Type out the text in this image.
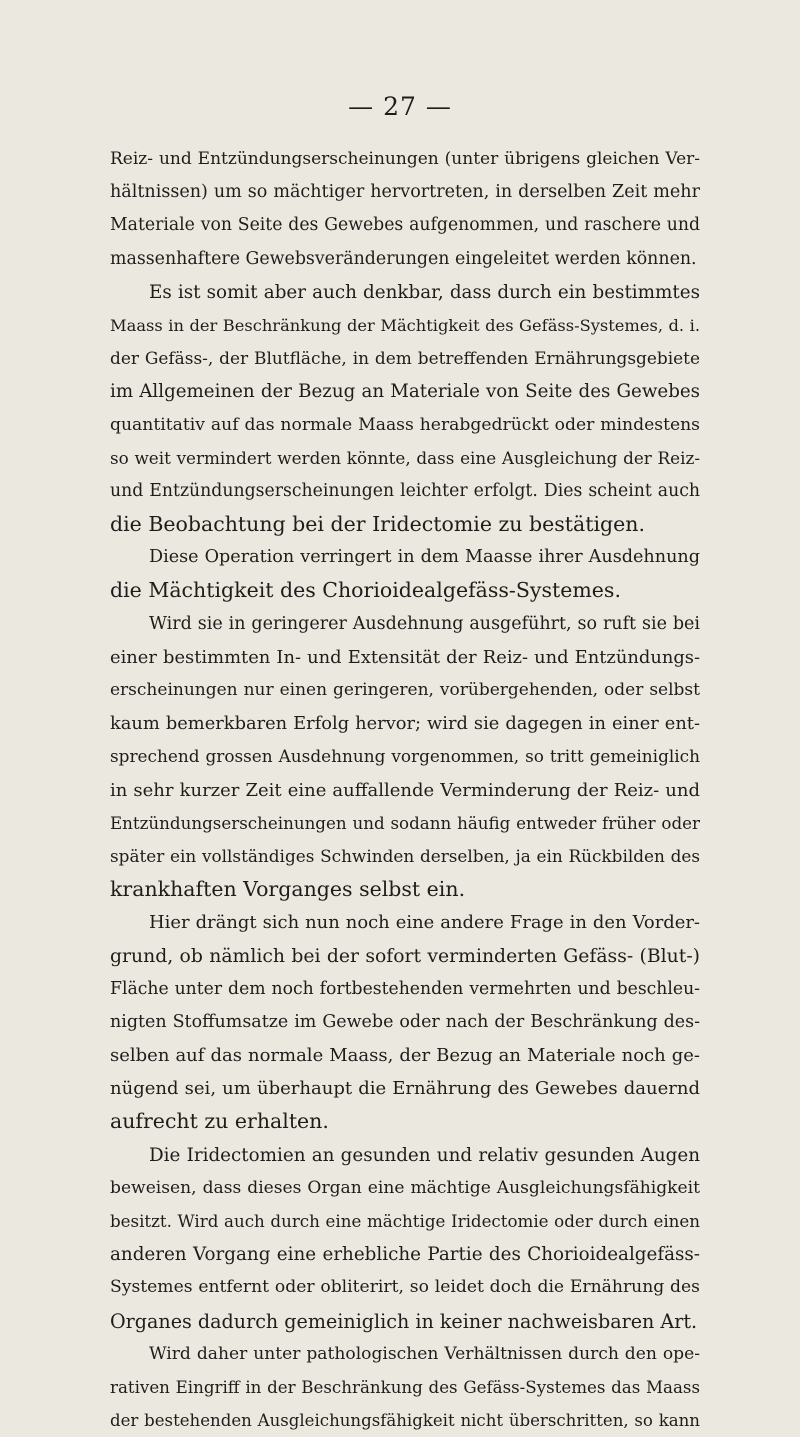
— 27 —
Reiz- und Entzündungserscheinungen (unter übrigens gleichen Ver-
hältnissen) um so mächtiger hervortreten, in derselben Zeit mehr
Materiale von Seite des Gewebes aufgenommen, und raschere und
massenhaftere Gewebsveränderungen eingeleitet werden können.
Es ist somit aber auch denkbar, dass durch ein bestimmtes
Maass in der Beschränkung der Mächtigkeit des Gefäss-Systemes, d. i.
der Gefäss-, der Blutfläche, in dem betreffenden Ernährungsgebiete
im Allgemeinen der Bezug an Materiale von Seite des Gewebes
quantitativ auf das normale Maass herabgedrückt oder mindestens
so weit vermindert werden könnte, dass eine Ausgleichung der Reiz-
und Entzündungserscheinungen leichter erfolgt. Dies scheint auch
die Beobachtung bei der Iridectomie zu bestätigen.
Diese Operation verringert in dem Maasse ihrer Ausdehnung
die Mächtigkeit des Chorioidealgefäss-Systemes.
Wird sie in geringerer Ausdehnung ausgeführt, so ruft sie bei
einer bestimmten In- und Extensität der Reiz- und Entzündungs-
erscheinungen nur einen geringeren, vorübergehenden, oder selbst
kaum bemerkbaren Erfolg hervor; wird sie dagegen in einer ent-
sprechend grossen Ausdehnung vorgenommen, so tritt gemeiniglich
in sehr kurzer Zeit eine auffallende Verminderung der Reiz- und
Entzündungserscheinungen und sodann häufig entweder früher oder
später ein vollständiges Schwinden derselben, ja ein Rückbilden des
krankhaften Vorganges selbst ein.
Hier drängt sich nun noch eine andere Frage in den Vorder-
grund, ob nämlich bei der sofort verminderten Gefäss- (Blut-)
Fläche unter dem noch fortbestehenden vermehrten und beschleu-
nigten Stoffumsatze im Gewebe oder nach der Beschränkung des-
selben auf das normale Maass, der Bezug an Materiale noch ge-
nügend sei, um überhaupt die Ernährung des Gewebes dauernd
aufrecht zu erhalten.
Die Iridectomien an gesunden und relativ gesunden Augen
beweisen, dass dieses Organ eine mächtige Ausgleichungsfähigkeit
besitzt. Wird auch durch eine mächtige Iridectomie oder durch einen
anderen Vorgang eine erhebliche Partie des Chorioidealgefäss-
Systemes entfernt oder obliterirt, so leidet doch die Ernährung des
Organes dadurch gemeiniglich in keiner nachweisbaren Art.
Wird daher unter pathologischen Verhältnissen durch den ope-
rativen Eingriff in der Beschränkung des Gefäss-Systemes das Maass
der bestehenden Ausgleichungsfähigkeit nicht überschritten, so kann
